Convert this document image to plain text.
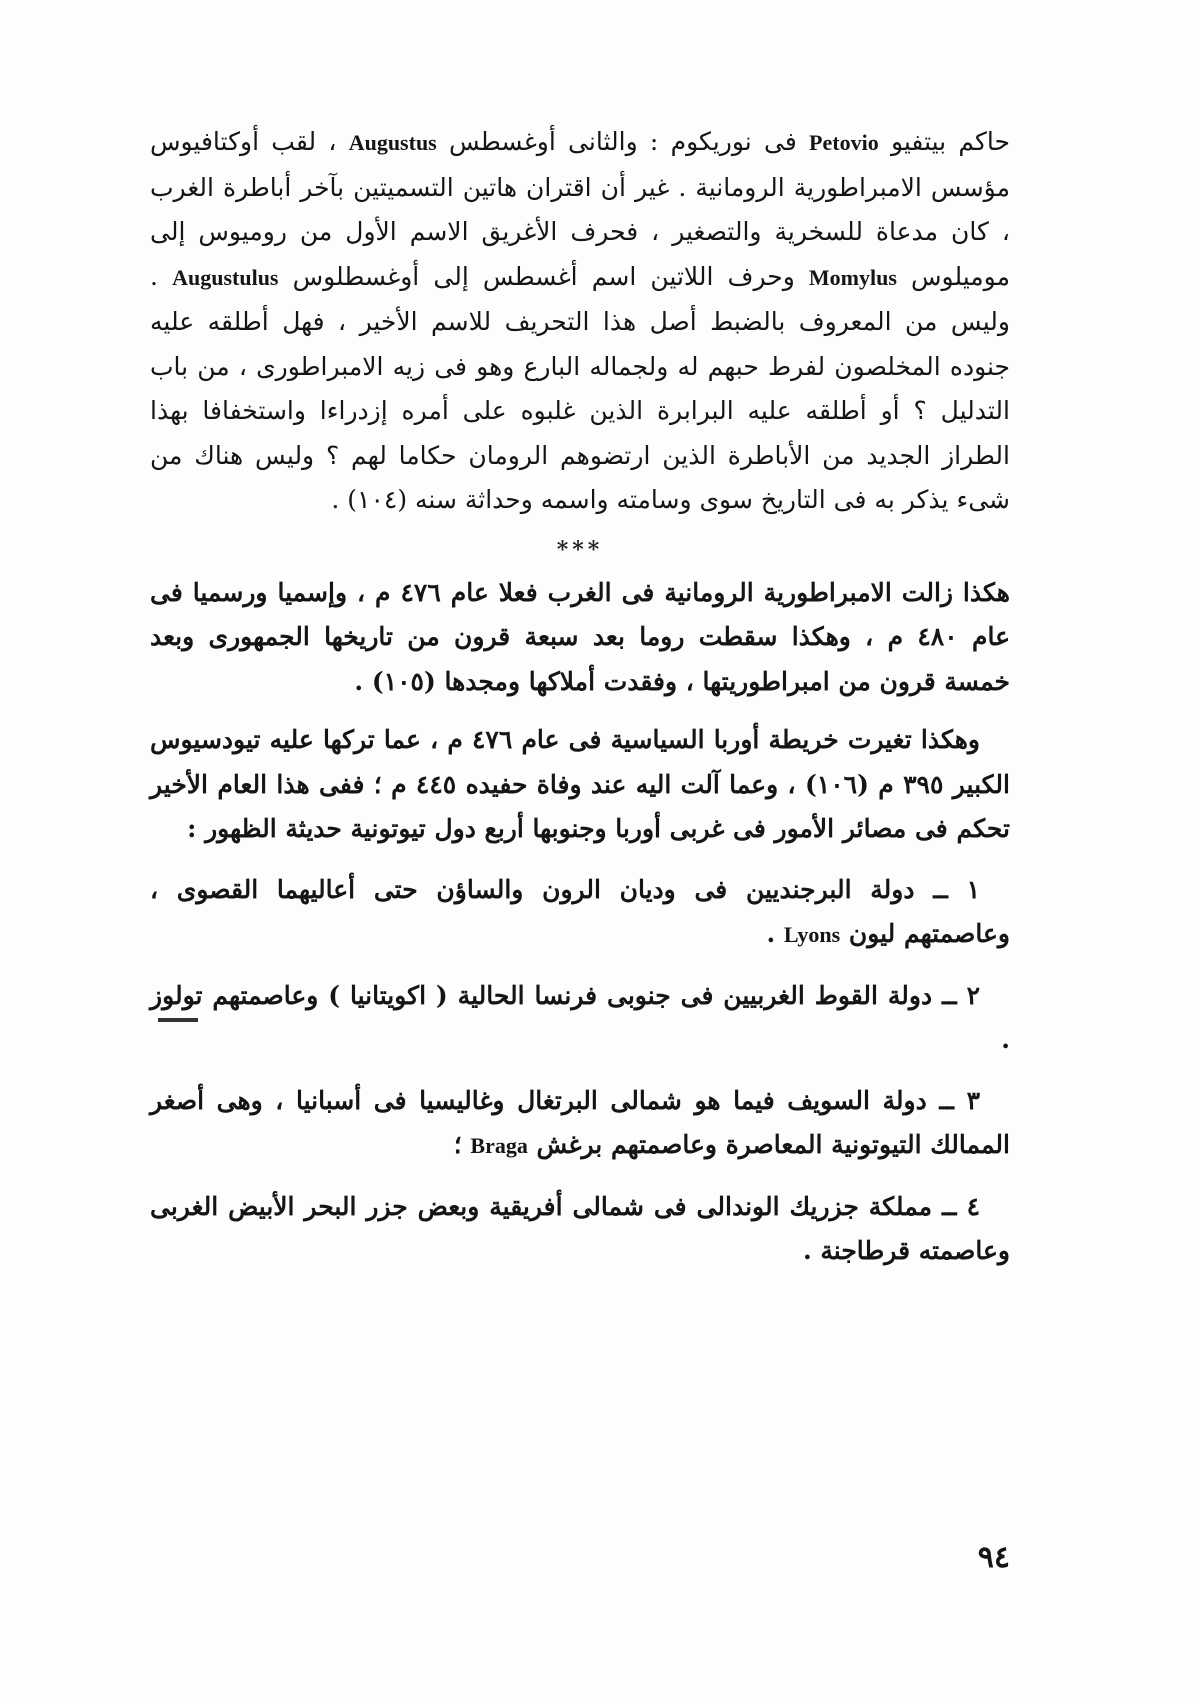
حاكم بيتفيو Petovio فى نوريكوم : والثانى أوغسطس Augustus ، لقب أوكتافيوس مؤسس الامبراطورية الرومانية . غير أن اقتران هاتين التسميتين بآخر أباطرة الغرب ، كان مدعاة للسخرية والتصغير ، فحرف الأغريق الاسم الأول من روميوس إلى موميلوس Momylus وحرف اللاتين اسم أغسطس إلى أوغسطلوس Augustulus . وليس من المعروف بالضبط أصل هذا التحريف للاسم الأخير ، فهل أطلقه عليه جنوده المخلصون لفرط حبهم له ولجماله البارع وهو فى زيه الامبراطورى ، من باب التدليل ؟ أو أطلقه عليه البرابرة الذين غلبوه على أمره إزدراءا واستخفافا بهذا الطراز الجديد من الأباطرة الذين ارتضوهم الرومان حكاما لهم ؟ وليس هناك من شىء يذكر به فى التاريخ سوى وسامته واسمه وحداثة سنه (١٠٤) .

***

هكذا زالت الامبراطورية الرومانية فى الغرب فعلا عام ٤٧٦ م ، وإسميا ورسميا فى عام ٤٨٠ م ، وهكذا سقطت روما بعد سبعة قرون من تاريخها الجمهورى وبعد خمسة قرون من امبراطوريتها ، وفقدت أملاكها ومجدها (١٠٥) .

وهكذا تغيرت خريطة أوربا السياسية فى عام ٤٧٦ م ، عما تركها عليه تيودسيوس الكبير ٣٩٥ م (١٠٦) ، وعما آلت اليه عند وفاة حفيده ٤٤٥ م ؛ ففى هذا العام الأخير تحكم فى مصائر الأمور فى غربى أوربا وجنوبها أربع دول تيوتونية حديثة الظهور :

١ ــ دولة البرجنديين فى وديان الرون والساؤن حتى أعاليهما القصوى ، وعاصمتهم ليون Lyons .

٢ ــ دولة القوط الغربيين فى جنوبى فرنسا الحالية ( اكويتانيا ) وعاصمتهم تولوز .

٣ ــ دولة السويف فيما هو شمالى البرتغال وغاليسيا فى أسبانيا ، وهى أصغر الممالك التيوتونية المعاصرة وعاصمتهم برغش Braga ؛

٤ ــ مملكة جزريك الوندالى فى شمالى أفريقية وبعض جزر البحر الأبيض الغربى وعاصمته قرطاجنة .

٩٤
